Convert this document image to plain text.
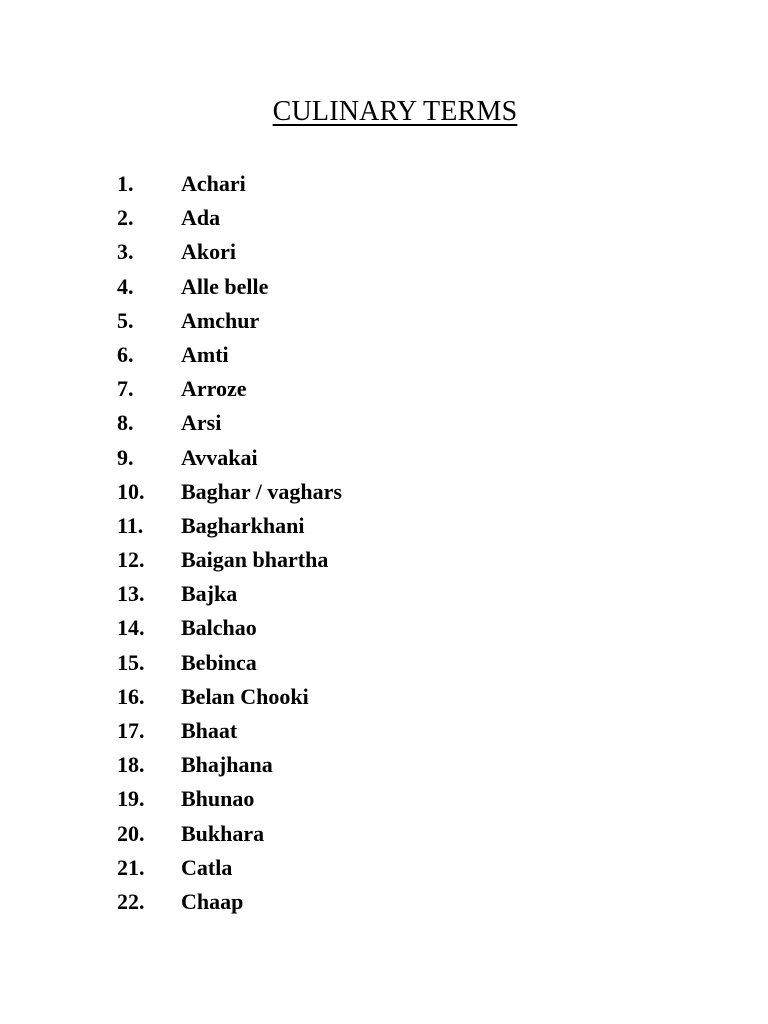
CULINARY TERMS
1.	Achari
2.	Ada
3.	Akori
4.	Alle belle
5.	Amchur
6.	Amti
7.	Arroze
8.	Arsi
9.	Avvakai
10.	Baghar / vaghars
11.	Bagharkhani
12.	Baigan bhartha
13.	Bajka
14.	Balchao
15.	Bebinca
16.	Belan Chooki
17.	Bhaat
18.	Bhajhana
19.	Bhunao
20.	Bukhara
21.	Catla
22.	Chaap
